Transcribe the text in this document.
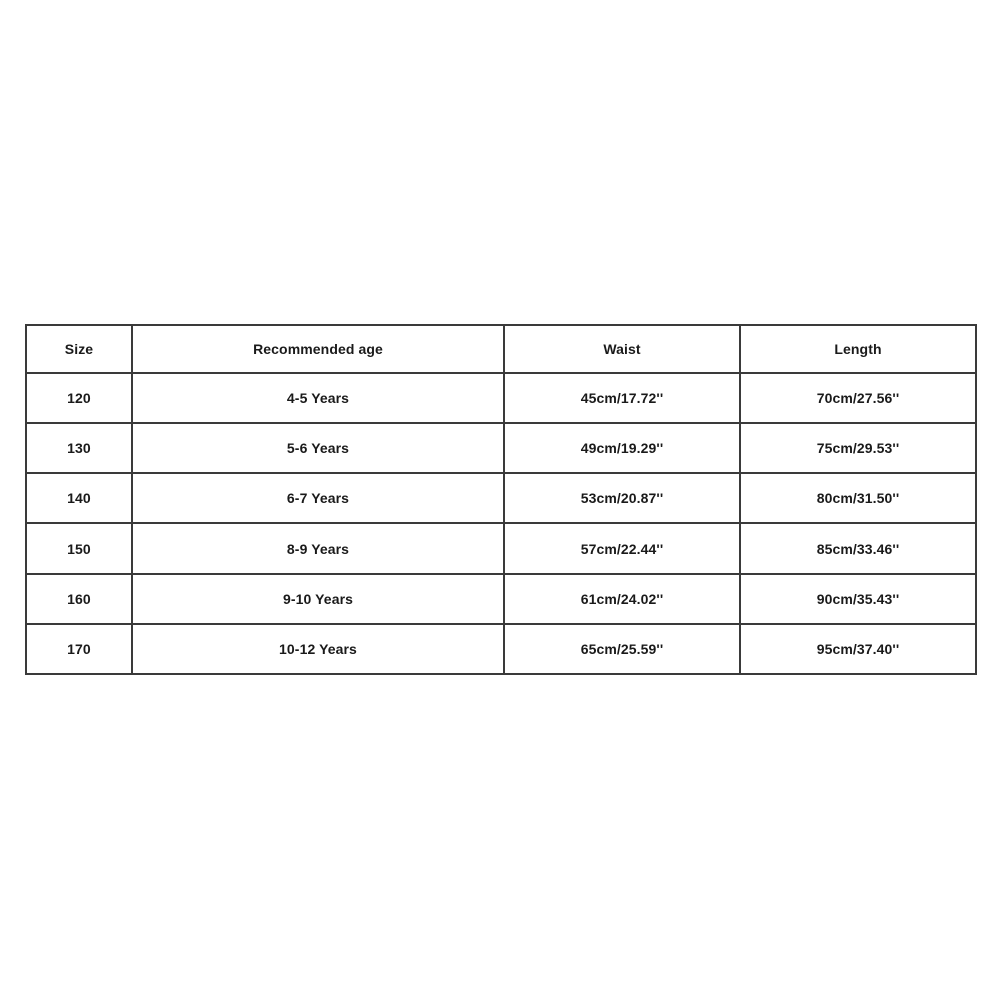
Size	Recommended age	Waist	Length
120	4-5 Years	45cm/17.72''	70cm/27.56''
130	5-6 Years	49cm/19.29''	75cm/29.53''
140	6-7 Years	53cm/20.87''	80cm/31.50''
150	8-9 Years	57cm/22.44''	85cm/33.46''
160	9-10 Years	61cm/24.02''	90cm/35.43''
170	10-12 Years	65cm/25.59''	95cm/37.40''
